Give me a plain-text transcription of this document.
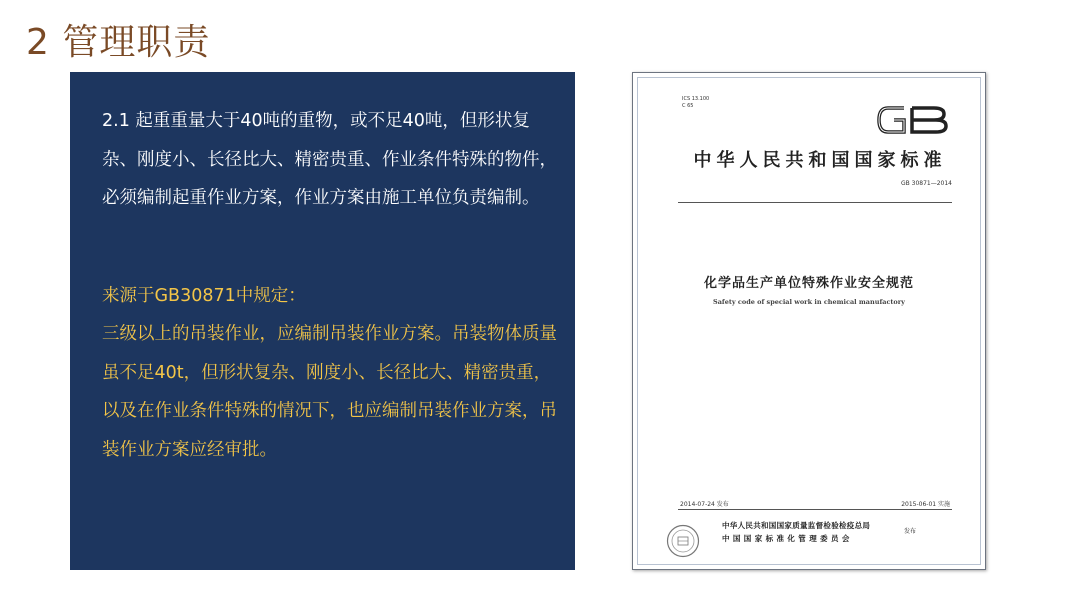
2 管理职责

2.1 起重重量大于40吨的重物，或不足40吨，但形状复杂、刚度小、长径比大、精密贵重、作业条件特殊的物件，必须编制起重作业方案，作业方案由施工单位负责编制。

来源于GB30871中规定：

三级以上的吊装作业，应编制吊装作业方案。吊装物体质量虽不足40t，但形状复杂、刚度小、长径比大、精密贵重，以及在作业条件特殊的情况下，也应编制吊装作业方案，吊装作业方案应经审批。

ICS 13.100
C 65
中华人民共和国国家标准
GB 30871—2014
化学品生产单位特殊作业安全规范
Safety code of special work in chemical manufactory
2014-07-24 发布	2015-06-01 实施
中华人民共和国国家质量监督检验检疫总局
中国国家标准化管理委员会
发布
